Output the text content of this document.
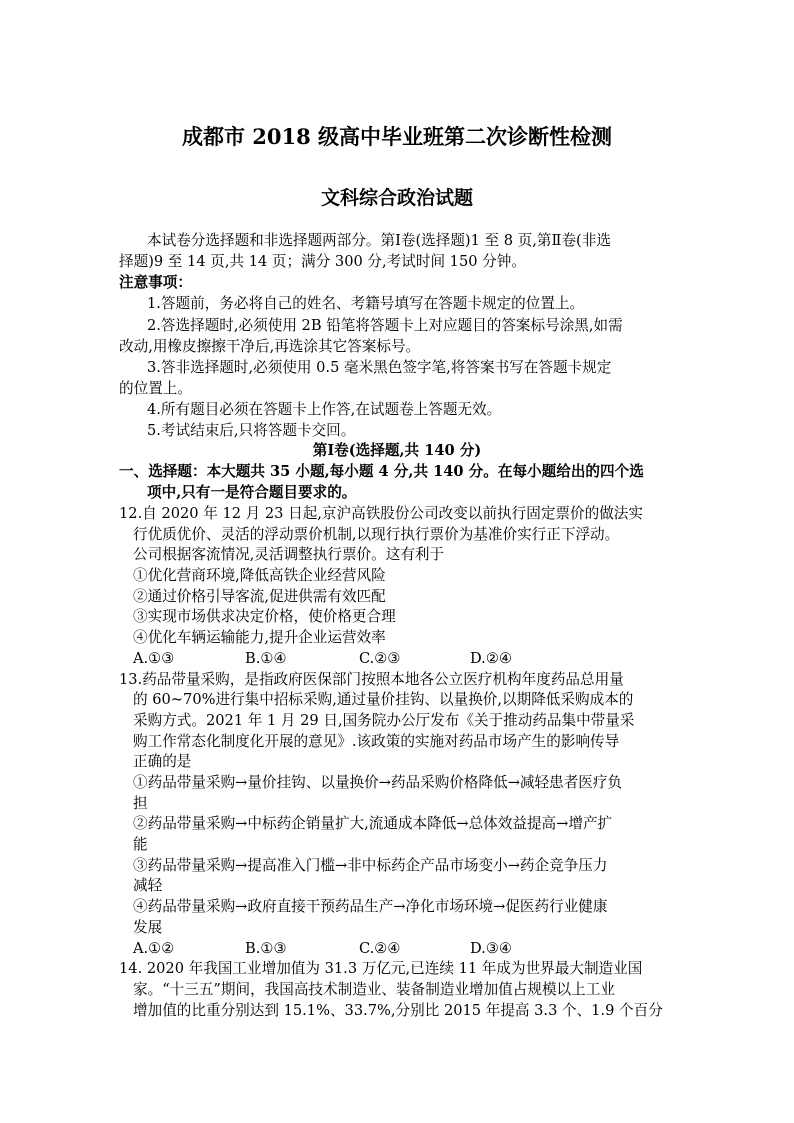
成都市 2018 级高中毕业班第二次诊断性检测
文科综合政治试题
本试卷分选择题和非选择题两部分。第Ⅰ卷(选择题)1 至 8 页,第Ⅱ卷(非选
择题)9 至 14 页,共 14 页；满分 300 分,考试时间 150 分钟。
注意事项：
1.答题前，务必将自己的姓名、考籍号填写在答题卡规定的位置上。
2.答选择题时,必须使用 2B 铅笔将答题卡上对应题目的答案标号涂黑,如需
改动,用橡皮擦擦干净后,再选涂其它答案标号。
3.答非选择题时,必须使用 0.5 毫米黑色签字笔,将答案书写在答题卡规定
的位置上。
4.所有题目必须在答题卡上作答,在试题卷上答题无效。
5.考试结束后,只将答题卡交回。
第Ⅰ卷(选择题,共 140 分)
一、选择题：本大题共 35 小题,每小题 4 分,共 140 分。在每小题给出的四个选
项中,只有一是符合题目要求的。
12.自 2020 年 12 月 23 日起,京沪高铁股份公司改变以前执行固定票价的做法实
行优质优价、灵活的浮动票价机制,以现行执行票价为基准价实行正下浮动。
公司根据客流情况,灵活调整执行票价。这有利于
①优化营商环境,降低高铁企业经营风险
②通过价格引导客流,促进供需有效匹配
③实现市场供求决定价格，使价格更合理
④优化车辆运输能力,提升企业运营效率
A.①③	B.①④	C.②③	D.②④
13.药品带量采购，是指政府医保部门按照本地各公立医疗机构年度药品总用量
的 60~70%进行集中招标采购,通过量价挂钩、以量换价,以期降低采购成本的
采购方式。2021 年 1 月 29 日,国务院办公厅发布《关于推动药品集中带量采
购工作常态化制度化开展的意见》.该政策的实施对药品市场产生的影响传导
正确的是
①药品带量采购→量价挂钩、以量换价→药品采购价格降低→减轻患者医疗负
担
②药品带量采购→中标药企销量扩大,流通成本降低→总体效益提高→增产扩
能
③药品带量采购→提高准入门槛→非中标药企产品市场变小→药企竞争压力
减轻
④药品带量采购→政府直接干预药品生产→净化市场环境→促医药行业健康
发展
A.①②	B.①③	C.②④	D.③④
14. 2020 年我国工业增加值为 31.3 万亿元,已连续 11 年成为世界最大制造业国
家。“十三五”期间，我国高技术制造业、装备制造业增加值占规模以上工业
增加值的比重分别达到 15.1%、33.7%,分别比 2015 年提高 3.3 个、1.9 个百分
